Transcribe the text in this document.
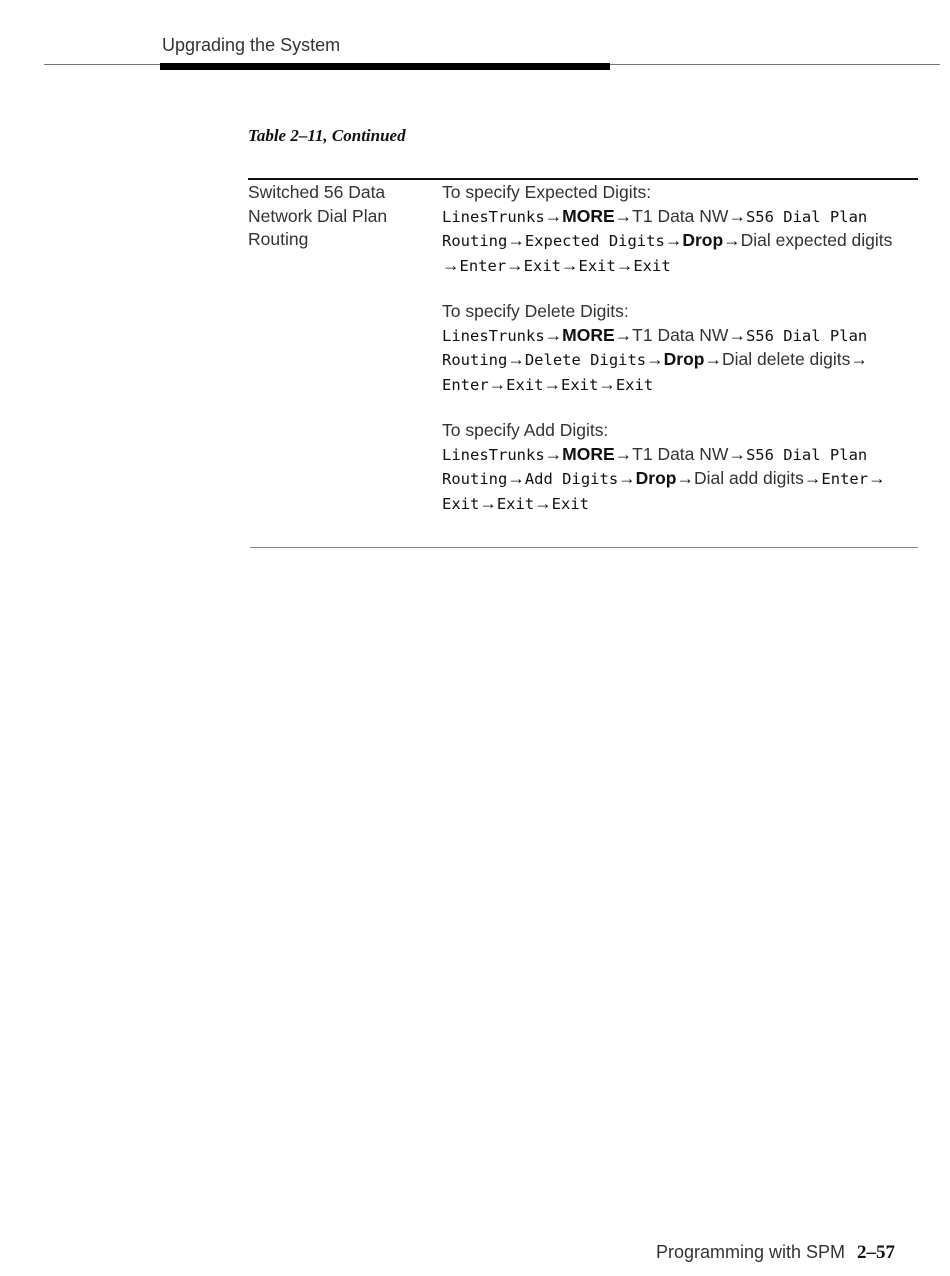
Upgrading the System
Table 2–11, Continued
Switched 56 Data
Network Dial Plan
Routing

To specify Expected Digits:

LinesTrunks→MORE→T1 Data NW→S56 Dial Plan

Routing→Expected Digits→Drop→Dial expected digits

→Enter→Exit→Exit→Exit

To specify Delete Digits:

LinesTrunks→MORE→T1 Data NW→S56 Dial Plan

Routing→Delete Digits→Drop→Dial delete digits→

Enter→Exit→Exit→Exit

To specify Add Digits:

LinesTrunks→MORE→T1 Data NW→S56 Dial Plan

Routing→Add Digits→Drop→Dial add digits→Enter→

Exit→Exit→Exit

Programming with SPM 2–57
